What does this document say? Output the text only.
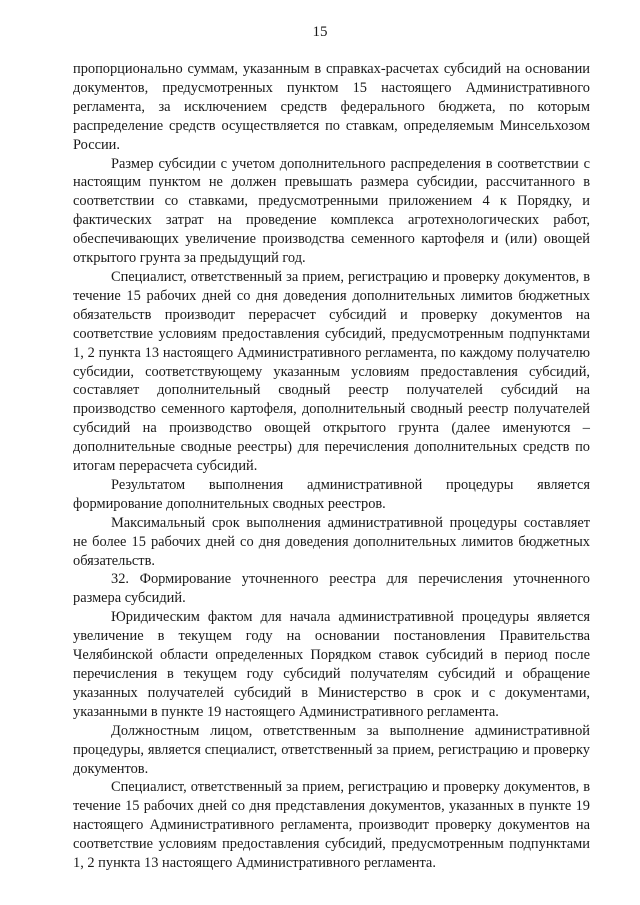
15

пропорционально суммам, указанным в справках-расчетах субсидий на основании документов, предусмотренных пунктом 15 настоящего Административного регламента, за исключением средств федерального бюджета, по которым распределение средств осуществляется по ставкам, определяемым Минсельхозом России.

Размер субсидии с учетом дополнительного распределения в соответствии с настоящим пунктом не должен превышать размера субсидии, рассчитанного в соответствии со ставками, предусмотренными приложением 4 к Порядку, и фактических затрат на проведение комплекса агротехнологических работ, обеспечивающих увеличение производства семенного картофеля и (или) овощей открытого грунта за предыдущий год.

Специалист, ответственный за прием, регистрацию и проверку документов, в течение 15 рабочих дней со дня доведения дополнительных лимитов бюджетных обязательств производит перерасчет субсидий и проверку документов на соответствие условиям предоставления субсидий, предусмотренным подпунктами 1, 2 пункта 13 настоящего Административного регламента, по каждому получателю субсидии, соответствующему указанным условиям предоставления субсидий, составляет дополнительный сводный реестр получателей субсидий на производство семенного картофеля, дополнительный сводный реестр получателей субсидий на производство овощей открытого грунта (далее именуются – дополнительные сводные реестры) для перечисления дополнительных средств по итогам перерасчета субсидий.

Результатом выполнения административной процедуры является формирование дополнительных сводных реестров.

Максимальный срок выполнения административной процедуры составляет не более 15 рабочих дней со дня доведения дополнительных лимитов бюджетных обязательств.

32. Формирование уточненного реестра для перечисления уточненного размера субсидий.

Юридическим фактом для начала административной процедуры является увеличение в текущем году на основании постановления Правительства Челябинской области определенных Порядком ставок субсидий в период после перечисления в текущем году субсидий получателям субсидий и обращение указанных получателей субсидий в Министерство в срок и с документами, указанными в пункте 19 настоящего Административного регламента.

Должностным лицом, ответственным за выполнение административной процедуры, является специалист, ответственный за прием, регистрацию и проверку документов.

Специалист, ответственный за прием, регистрацию и проверку документов, в течение 15 рабочих дней со дня представления документов, указанных в пункте 19 настоящего Административного регламента, производит проверку документов на соответствие условиям предоставления субсидий, предусмотренным подпунктами 1, 2 пункта 13 настоящего Административного регламента.
